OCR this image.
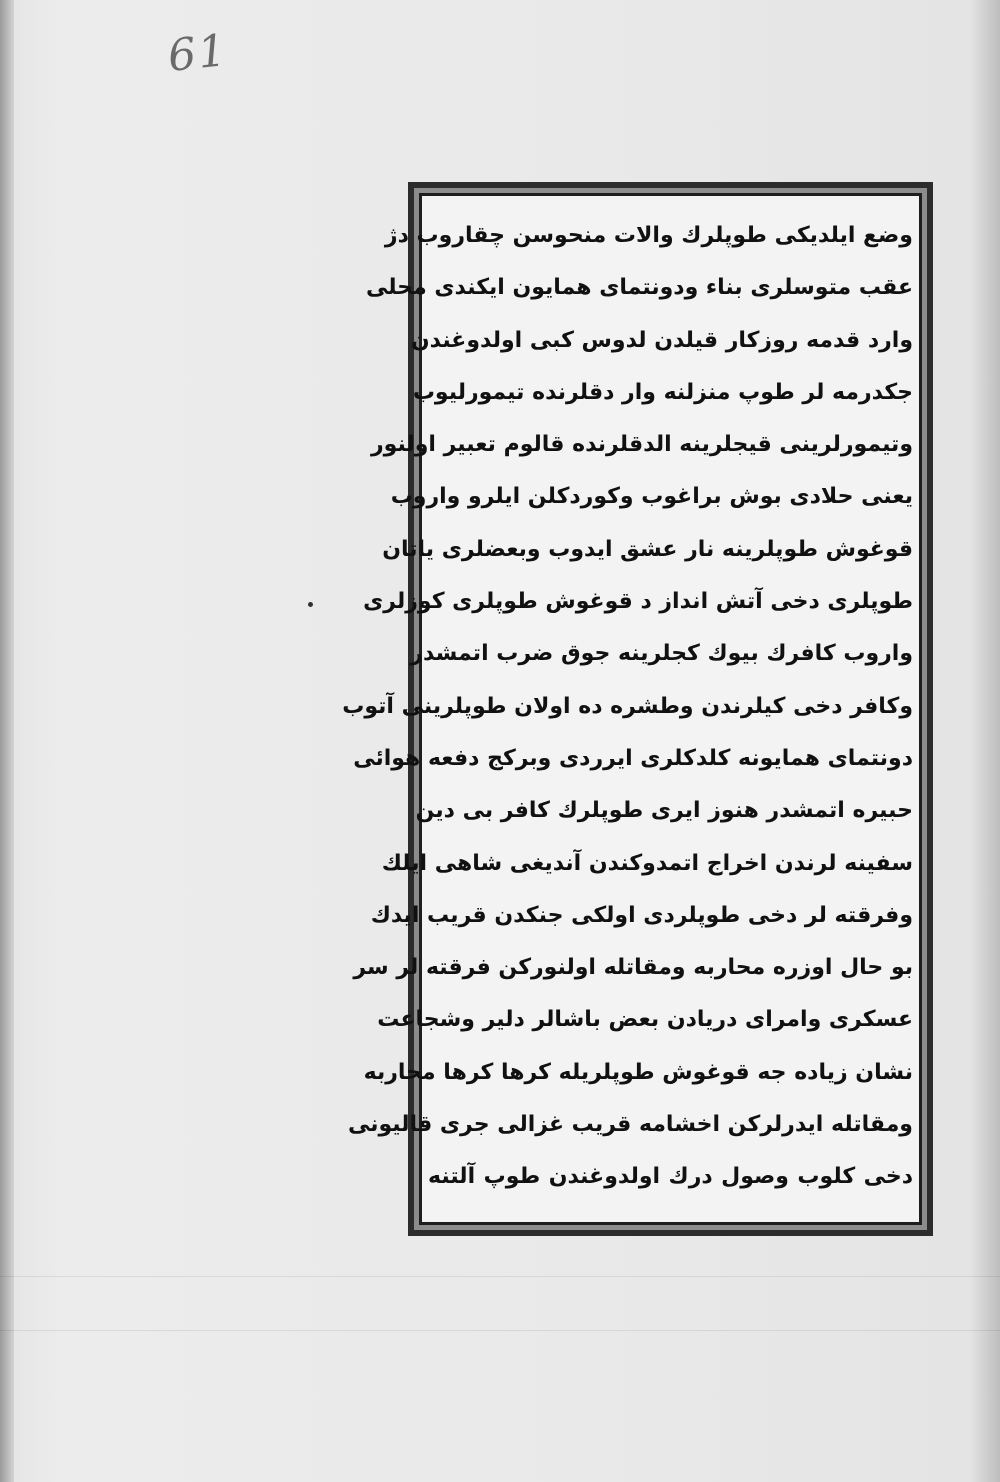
61
وضع ایلدیکی طوپلرك والات منحوسن چقاروب دژ
عقب متوسلری بناء ودونتمای همایون ایکندی محلی
وارد قدمه روزکار قیلدن لدوس کبی اولدوغندن
جکدرمه لر طوپ منزلنه وار دقلرنده تیمورلیوب
وتیمورلرینی قیجلرینه الدقلرنده قالوم تعبیر اولنور
یعنی حلادی بوش براغوب وکوردکلن ایلرو واروب
قوغوش طوپلرینه نار عشق ایدوب وبعضلری یاتان
طوپلری دخی آتش انداز د قوغوش طوپلری کوزلری
واروب کافرك بیوك کجلرینه جوق ضرب اتمشدر
وکافر دخی کیلرندن وطشره ده اولان طوپلرینی آتوب
دونتمای همایونه کلدکلری ایرردی وبرکج دفعه هوائی
حبیره اتمشدر هنوز ایری طوپلرك کافر بی دین
سفینه لرندن اخراج اتمدوکندن آندیغی شاهی ایلك
وفرقته لر دخی طوپلردی اولکی جنکدن قریب ایدك
بو حال اوزره محاربه ومقاتله اولنورکن فرقته لر سر
عسکری وامرای دریادن بعض باشالر دلیر وشجاعت
نشان زیاده جه قوغوش طوپلریله کرها کرها محاربه
ومقاتله ایدرلرکن اخشامه قریب غزالی جری قالیونی
دخی کلوب وصول درك اولدوغندن طوپ آلتنه
